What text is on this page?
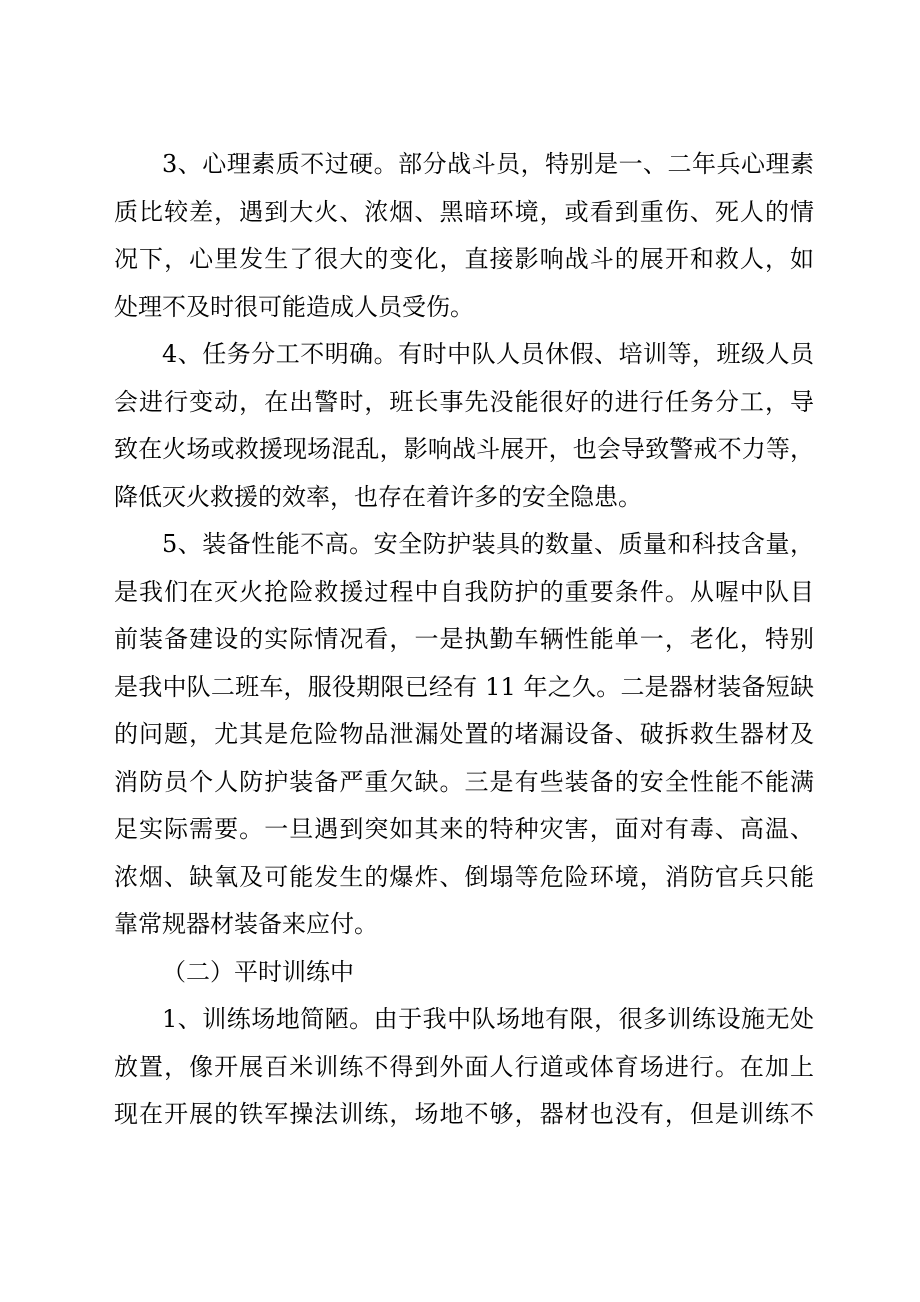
3、心理素质不过硬。部分战斗员，特别是一、二年兵心理素
质比较差，遇到大火、浓烟、黑暗环境，或看到重伤、死人的情
况下，心里发生了很大的变化，直接影响战斗的展开和救人，如
处理不及时很可能造成人员受伤。
4、任务分工不明确。有时中队人员休假、培训等，班级人员
会进行变动，在出警时，班长事先没能很好的进行任务分工，导
致在火场或救援现场混乱，影响战斗展开，也会导致警戒不力等，
降低灭火救援的效率，也存在着许多的安全隐患。
5、装备性能不高。安全防护装具的数量、质量和科技含量，
是我们在灭火抢险救援过程中自我防护的重要条件。从喔中队目
前装备建设的实际情况看，一是执勤车辆性能单一，老化，特别
是我中队二班车，服役期限已经有 11 年之久。二是器材装备短缺
的问题，尤其是危险物品泄漏处置的堵漏设备、破拆救生器材及
消防员个人防护装备严重欠缺。三是有些装备的安全性能不能满
足实际需要。一旦遇到突如其来的特种灾害，面对有毒、高温、
浓烟、缺氧及可能发生的爆炸、倒塌等危险环境，消防官兵只能
靠常规器材装备来应付。
（二）平时训练中
1、训练场地简陋。由于我中队场地有限，很多训练设施无处
放置，像开展百米训练不得到外面人行道或体育场进行。在加上
现在开展的铁军操法训练，场地不够，器材也没有，但是训练不
